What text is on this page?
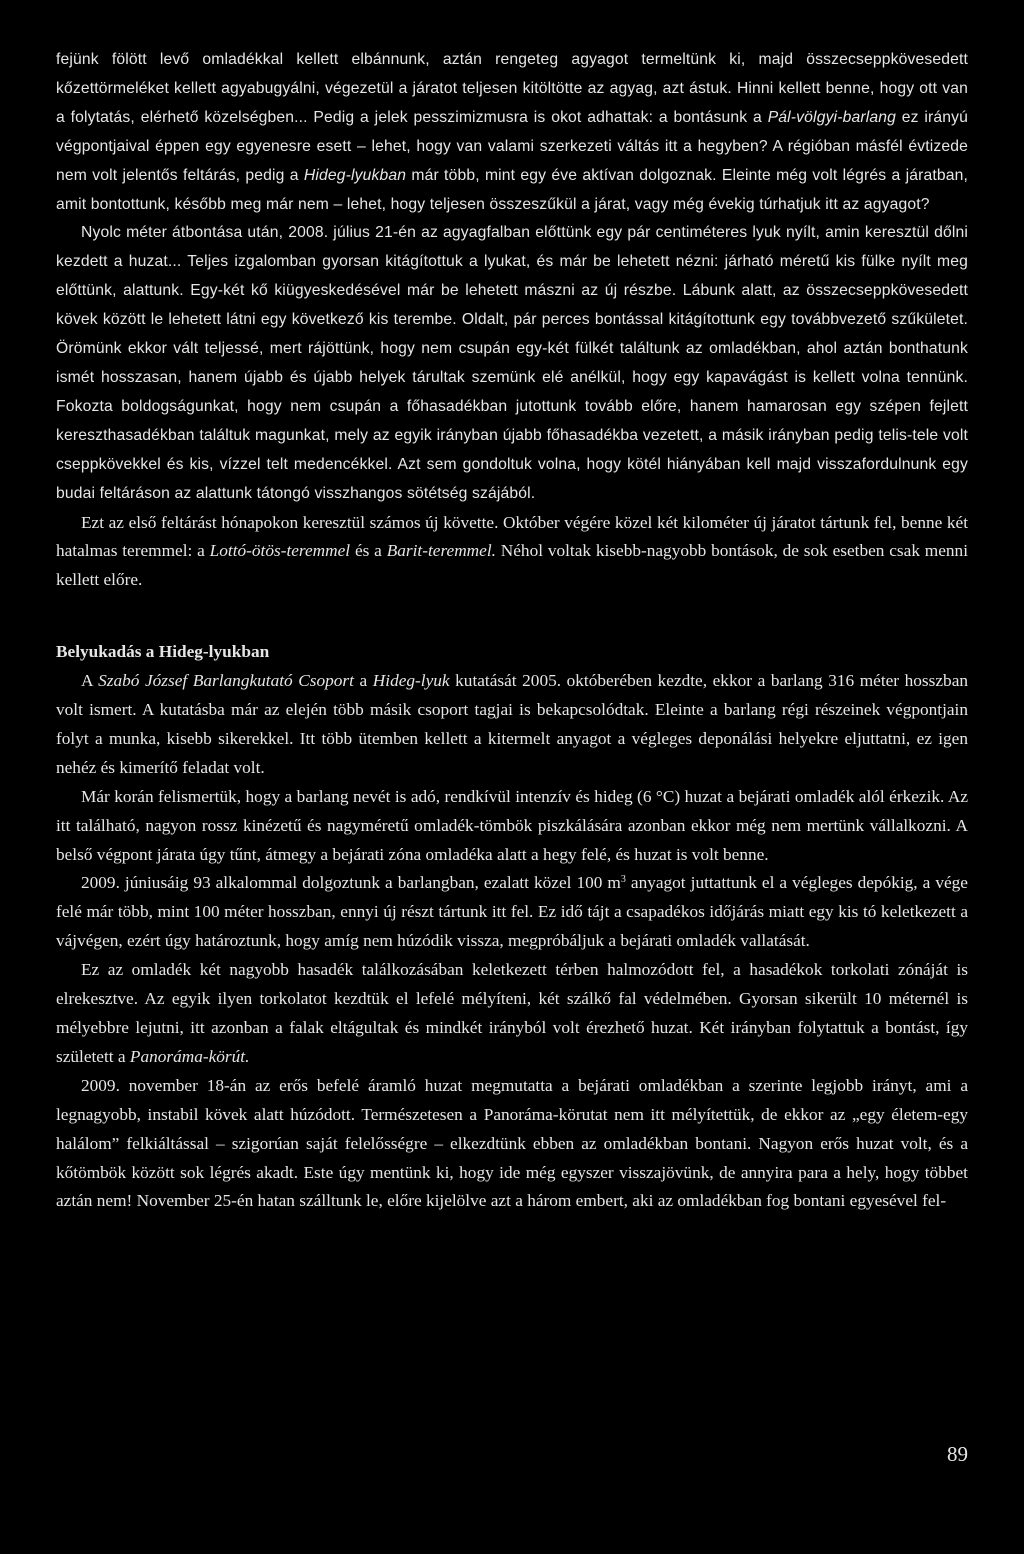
fejünk fölött levő omladékkal kellett elbánnunk, aztán rengeteg agyagot termeltünk ki, majd összecseppkövesedett kőzettörmeléket kellett agyabugyálni, végezetül a járatot teljesen kitöltötte az agyag, azt ástuk. Hinni kellett benne, hogy ott van a folytatás, elérhető közelségben... Pedig a jelek pesszimizmusra is okot adhattak: a bontásunk a Pál-völgyi-barlang ez irányú végpontjaival éppen egy egyenesre esett – lehet, hogy van valami szerkezeti váltás itt a hegyben? A régióban másfél évtizede nem volt jelentős feltárás, pedig a Hideg-lyukban már több, mint egy éve aktívan dolgoznak. Eleinte még volt légrés a járatban, amit bontottunk, később meg már nem – lehet, hogy teljesen összeszűkül a járat, vagy még évekig túrhatjuk itt az agyagot?

Nyolc méter átbontása után, 2008. július 21-én az agyagfalban előttünk egy pár centiméteres lyuk nyílt, amin keresztül dőlni kezdett a huzat... Teljes izgalomban gyorsan kitágítottuk a lyukat, és már be lehetett nézni: járható méretű kis fülke nyílt meg előttünk, alattunk. Egy-két kő kiügyeskedésével már be lehetett mászni az új részbe. Lábunk alatt, az összecseppkövesedett kövek között le lehetett látni egy következő kis terembe. Oldalt, pár perces bontással kitágítottunk egy továbbvezető szűkületet. Örömünk ekkor vált teljessé, mert rájöttünk, hogy nem csupán egy-két fülkét találtunk az omladékban, ahol aztán bonthatunk ismét hosszasan, hanem újabb és újabb helyek tárultak szemünk elé anélkül, hogy egy kapavágást is kellett volna tennünk. Fokozta boldogságunkat, hogy nem csupán a főhasadékban jutottunk tovább előre, hanem hamarosan egy szépen fejlett kereszthasadékban találtuk magunkat, mely az egyik irányban újabb főhasadékba vezetett, a másik irányban pedig telis-tele volt cseppkövekkel és kis, vízzel telt medencékkel. Azt sem gondoltuk volna, hogy kötél hiányában kell majd visszafordulnunk egy budai feltáráson az alattunk tátongó visszhangos sötétség szájából.

Ezt az első feltárást hónapokon keresztül számos új követte. Október végére közel két kilométer új járatot tártunk fel, benne két hatalmas teremmel: a Lottó-ötös-teremmel és a Barit-teremmel. Néhol voltak kisebb-nagyobb bontások, de sok esetben csak menni kellett előre.

Belyukadás a Hideg-lyukban

A Szabó József Barlangkutató Csoport a Hideg-lyuk kutatását 2005. októberében kezdte, ekkor a barlang 316 méter hosszban volt ismert. A kutatásba már az elején több másik csoport tagjai is bekapcsolódtak. Eleinte a barlang régi részeinek végpontjain folyt a munka, kisebb sikerekkel. Itt több ütemben kellett a kitermelt anyagot a végleges deponálási helyekre eljuttatni, ez igen nehéz és kimerítő feladat volt.

Már korán felismertük, hogy a barlang nevét is adó, rendkívül intenzív és hideg (6 °C) huzat a bejárati omladék alól érkezik. Az itt található, nagyon rossz kinézetű és nagyméretű omladék-tömbök piszkálására azonban ekkor még nem mertünk vállalkozni. A belső végpont járata úgy tűnt, átmegy a bejárati zóna omladéka alatt a hegy felé, és huzat is volt benne.

2009. júniusáig 93 alkalommal dolgoztunk a barlangban, ezalatt közel 100 $m^3$ anyagot juttattunk el a végleges depókig, a vége felé már több, mint 100 méter hosszban, ennyi új részt tártunk itt fel. Ez idő tájt a csapadékos időjárás miatt egy kis tó keletkezett a vájvégen, ezért úgy határoztunk, hogy amíg nem húzódik vissza, megpróbáljuk a bejárati omladék vallatását.

Ez az omladék két nagyobb hasadék találkozásában keletkezett térben halmozódott fel, a hasadékok torkolati zónáját is elrekesztve. Az egyik ilyen torkolatot kezdtük el lefelé mélyíteni, két szálkő fal védelmében. Gyorsan sikerült 10 méternél is mélyebbre lejutni, itt azonban a falak eltágultak és mindkét irányból volt érezhető huzat. Két irányban folytattuk a bontást, így született a Panoráma-körút.

2009. november 18-án az erős befelé áramló huzat megmutatta a bejárati omladékban a szerinte legjobb irányt, ami a legnagyobb, instabil kövek alatt húzódott. Természetesen a Panoráma-körutat nem itt mélyítettük, de ekkor az „egy életem-egy halálom” felkiáltással – szigorúan saját felelősségre – elkezdtünk ebben az omladékban bontani. Nagyon erős huzat volt, és a kőtömbök között sok légrés akadt. Este úgy mentünk ki, hogy ide még egyszer visszajövünk, de annyira para a hely, hogy többet aztán nem! November 25-én hatan szálltunk le, előre kijelölve azt a három embert, aki az omladékban fog bontani egyesével fel-

89
